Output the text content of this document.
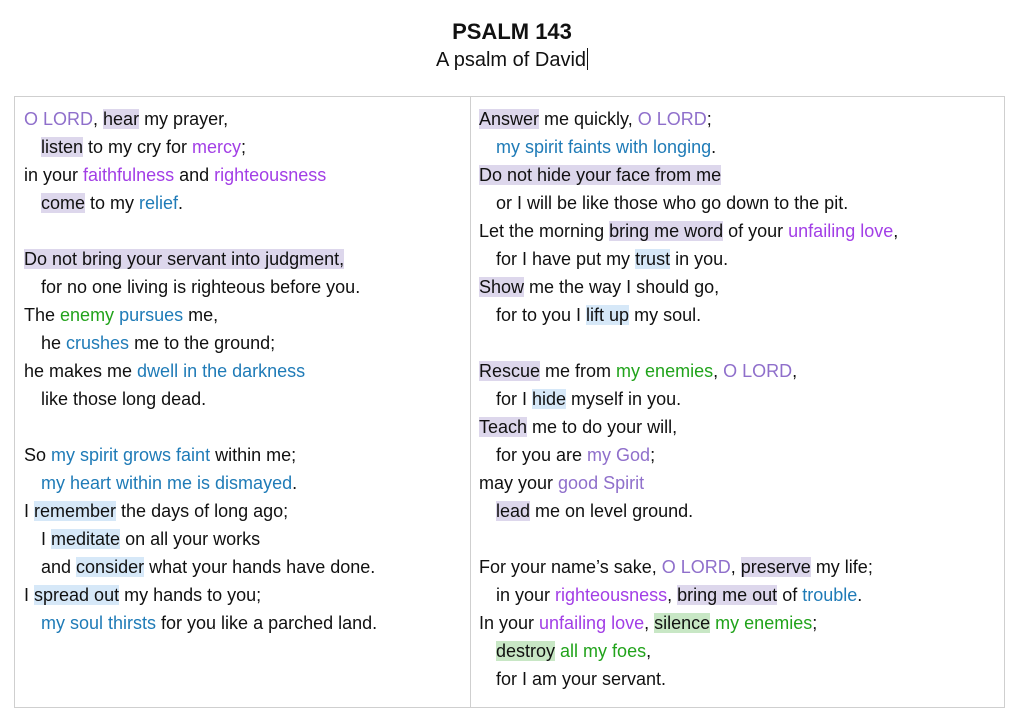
PSALM 143
A psalm of David
O LORD, hear my prayer,
listen to my cry for mercy;
in your faithfulness and righteousness
come to my relief.
Do not bring your servant into judgment,
for no one living is righteous before you.
The enemy pursues me,
he crushes me to the ground;
he makes me dwell in the darkness
like those long dead.
So my spirit grows faint within me;
my heart within me is dismayed.
I remember the days of long ago;
I meditate on all your works
and consider what your hands have done.
I spread out my hands to you;
my soul thirsts for you like a parched land.
Answer me quickly, O LORD;
my spirit faints with longing.
Do not hide your face from me
or I will be like those who go down to the pit.
Let the morning bring me word of your unfailing love,
for I have put my trust in you.
Show me the way I should go,
for to you I lift up my soul.
Rescue me from my enemies, O LORD,
for I hide myself in you.
Teach me to do your will,
for you are my God;
may your good Spirit
lead me on level ground.
For your name’s sake, O LORD, preserve my life;
in your righteousness, bring me out of trouble.
In your unfailing love, silence my enemies;
destroy all my foes,
for I am your servant.
